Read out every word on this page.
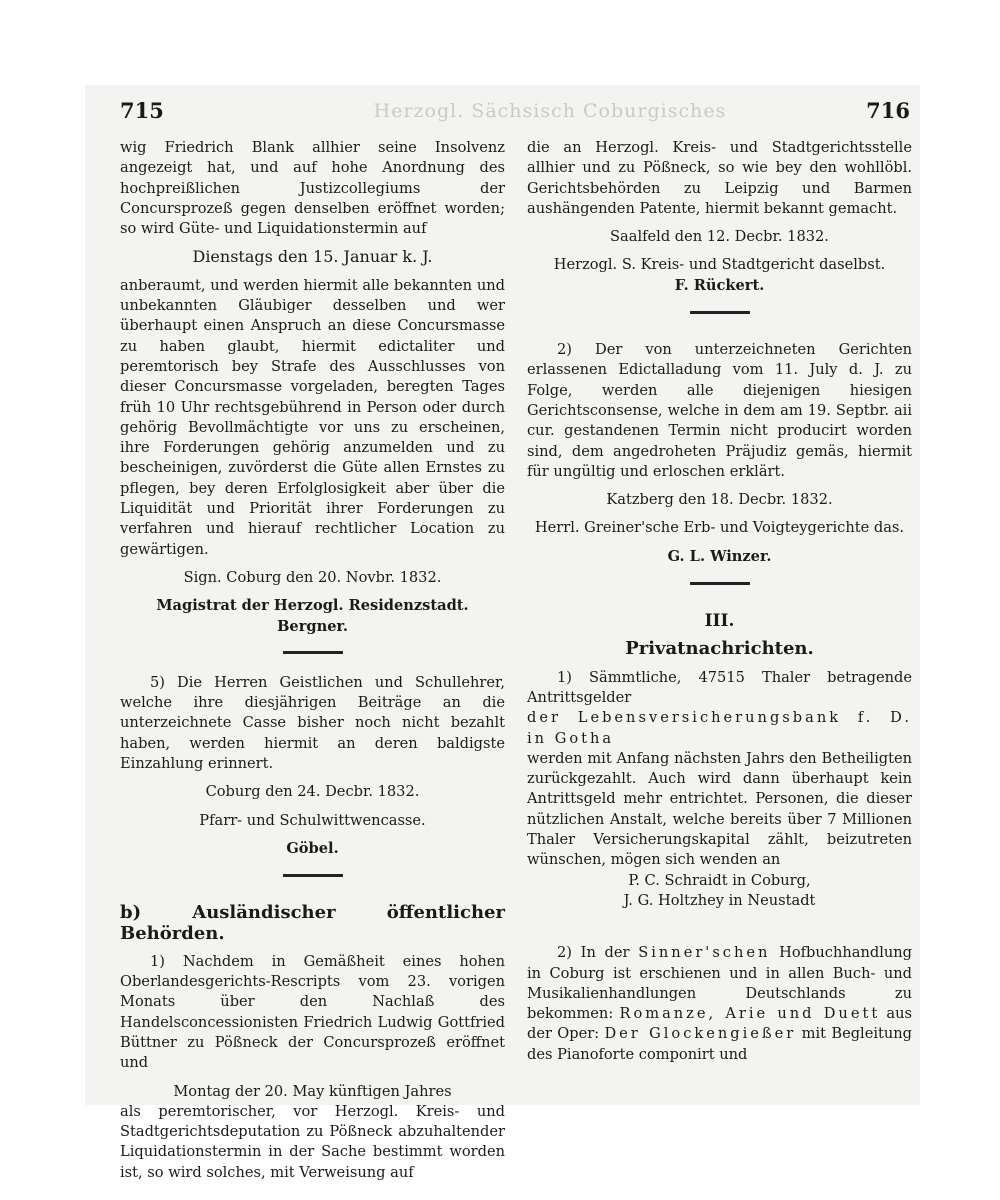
715	Herzogl. Sächsisch Coburgisches	716

wig Friedrich Blank allhier seine Insolvenz angezeigt hat, und auf hohe Anordnung des hochpreißlichen Justizcollegiums der Concursprozeß gegen denselben eröffnet worden; so wird Güte- und Liquidationstermin auf

Dienstags den 15. Januar k. J.

anberaumt, und werden hiermit alle bekannten und unbekannten Gläubiger desselben und wer überhaupt einen Anspruch an diese Concursmasse zu haben glaubt, hiermit edictaliter und peremtorisch bey Strafe des Ausschlusses von dieser Concursmasse vorgeladen, beregten Tages früh 10 Uhr rechtsgebührend in Person oder durch gehörig Bevollmächtigte vor uns zu erscheinen, ihre Forderungen gehörig anzumelden und zu bescheinigen, zuvörderst die Güte allen Ernstes zu pflegen, bey deren Erfolglosigkeit aber über die Liquidität und Priorität ihrer Forderungen zu verfahren und hierauf rechtlicher Location zu gewärtigen.

Sign. Coburg den 20. Novbr. 1832.

Magistrat der Herzogl. Residenzstadt.

Bergner.

5) Die Herren Geistlichen und Schullehrer, welche ihre diesjährigen Beiträge an die unterzeichnete Casse bisher noch nicht bezahlt haben, werden hiermit an deren baldigste Einzahlung erinnert.

Coburg den 24. Decbr. 1832.

Pfarr- und Schulwittwencasse.

Göbel.

b) Ausländischer öffentlicher Behörden.

1) Nachdem in Gemäßheit eines hohen Oberlandesgerichts-Rescripts vom 23. vorigen Monats über den Nachlaß des Handelsconcessionisten Friedrich Ludwig Gottfried Büttner zu Pößneck der Concursprozeß eröffnet und

Montag der 20. May künftigen Jahres

als peremtorischer, vor Herzogl. Kreis- und Stadtgerichtsdeputation zu Pößneck abzuhaltender Liquidationstermin in der Sache bestimmt worden ist, so wird solches, mit Verweisung auf

die an Herzogl. Kreis- und Stadtgerichtsstelle allhier und zu Pößneck, so wie bey den wohllöbl. Gerichtsbehörden zu Leipzig und Barmen aushängenden Patente, hiermit bekannt gemacht.

Saalfeld den 12. Decbr. 1832.

Herzogl. S. Kreis- und Stadtgericht daselbst.

F. Rückert.

2) Der von unterzeichneten Gerichten erlassenen Edictalladung vom 11. July d. J. zu Folge, werden alle diejenigen hiesigen Gerichtsconsense, welche in dem am 19. Septbr. aii cur. gestandenen Termin nicht producirt worden sind, dem angedroheten Präjudiz gemäs, hiermit für ungültig und erloschen erklärt.

Katzberg den 18. Decbr. 1832.

Herrl. Greiner'sche Erb- und Voigteygerichte das.

G. L. Winzer.

III.

Privatnachrichten.

1) Sämmtliche, 47515 Thaler betragende Antrittsgelder

der Lebensversicherungsbank f. D. in Gotha

werden mit Anfang nächsten Jahrs den Betheiligten zurückgezahlt. Auch wird dann überhaupt kein Antrittsgeld mehr entrichtet. Personen, die dieser nützlichen Anstalt, welche bereits über 7 Millionen Thaler Versicherungskapital zählt, beizutreten wünschen, mögen sich wenden an

P. C. Schraidt in Coburg,

J. G. Holtzhey in Neustadt

2) In der Sinner'schen Hofbuchhandlung in Coburg ist erschienen und in allen Buch- und Musikalienhandlungen Deutschlands zu bekommen: Romanze, Arie und Duett aus der Oper: Der Glockengießer mit Begleitung des Pianoforte componirt und
